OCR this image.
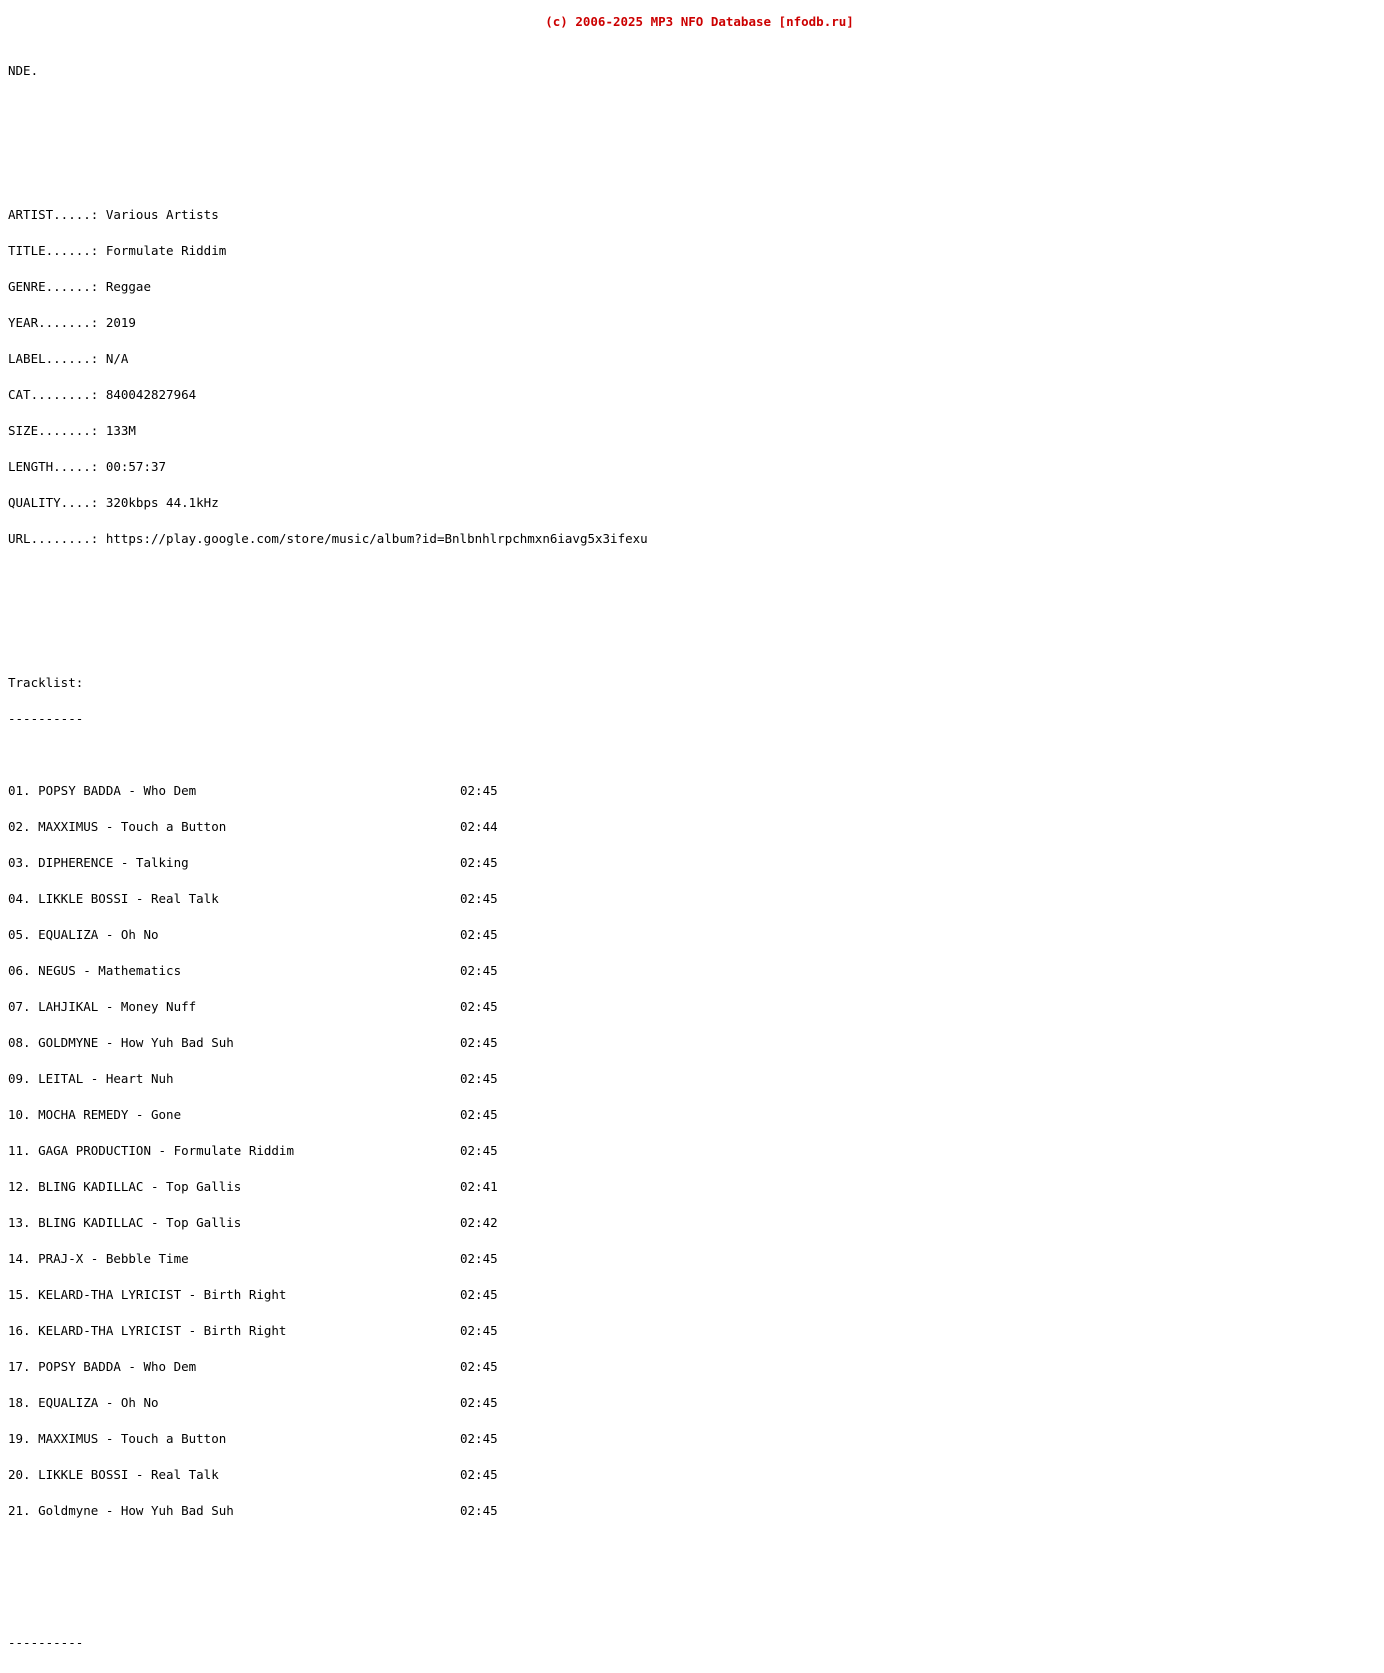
(c) 2006-2025 MP3 NFO Database [nfodb.ru]

NDE.

ARTIST.....: Various Artists

TITLE......: Formulate Riddim

GENRE......: Reggae

YEAR.......: 2019

LABEL......: N/A

CAT........: 840042827964

SIZE.......: 133M

LENGTH.....: 00:57:37

QUALITY....: 320kbps 44.1kHz

URL........: https://play.google.com/store/music/album?id=Bnlbnhlrpchmxn6iavg5x3ifexu

Tracklist:

----------

01. POPSY BADDA - Who Dem	02:45

02. MAXXIMUS - Touch a Button	02:44

03. DIPHERENCE - Talking	02:45

04. LIKKLE BOSSI - Real Talk	02:45

05. EQUALIZA - Oh No	02:45

06. NEGUS - Mathematics	02:45

07. LAHJIKAL - Money Nuff	02:45

08. GOLDMYNE - How Yuh Bad Suh	02:45

09. LEITAL - Heart Nuh	02:45

10. MOCHA REMEDY - Gone	02:45

11. GAGA PRODUCTION - Formulate Riddim	02:45

12. BLING KADILLAC - Top Gallis	02:41

13. BLING KADILLAC - Top Gallis	02:42

14. PRAJ-X - Bebble Time	02:45

15. KELARD-THA LYRICIST - Birth Right	02:45

16. KELARD-THA LYRICIST - Birth Right	02:45

17. POPSY BADDA - Who Dem	02:45

18. EQUALIZA - Oh No	02:45

19. MAXXIMUS - Touch a Button	02:45

20. LIKKLE BOSSI - Real Talk	02:45

21. Goldmyne - How Yuh Bad Suh	02:45

----------
